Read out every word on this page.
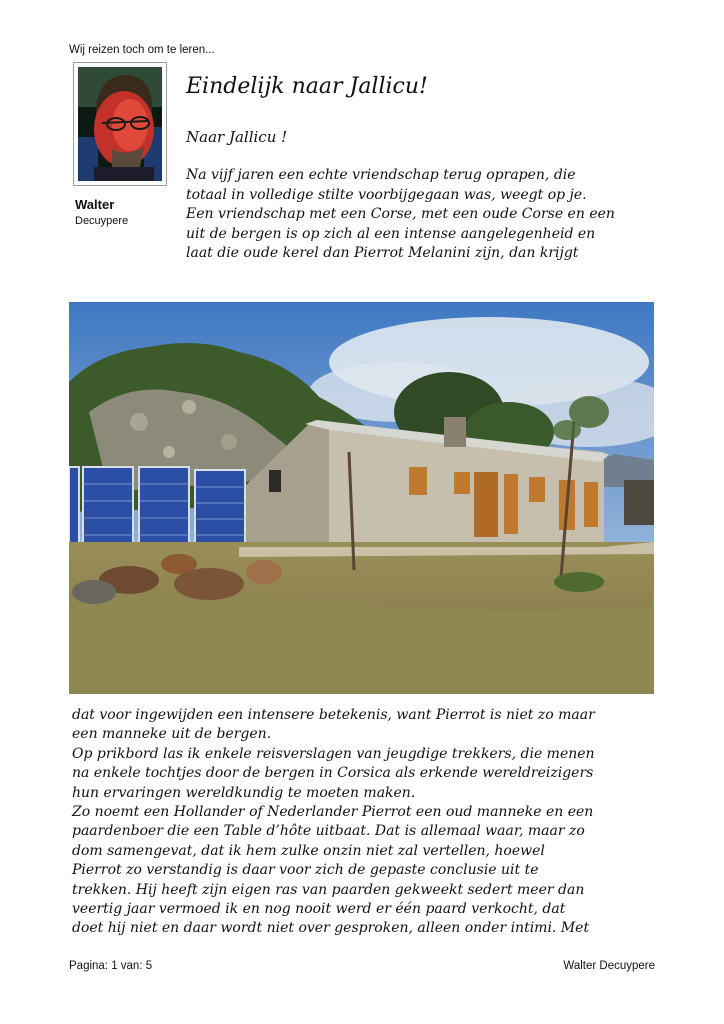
Wij reizen toch om te leren...
Walter
Decuypere
Eindelijk naar Jallicu!
Naar Jallicu !
Na vijf jaren een echte vriendschap terug oprapen, die
totaal in volledige stilte voorbijgegaan was, weegt op je.
Een vriendschap met een Corse, met een oude Corse en een
uit de bergen is op zich al een intense aangelegenheid en
laat die oude kerel dan Pierrot Melanini zijn, dan krijgt
dat voor ingewijden een intensere betekenis, want Pierrot is niet zo maar
een manneke uit de bergen.
Op prikbord las ik enkele reisverslagen van jeugdige trekkers, die menen
na enkele tochtjes door de bergen in Corsica als erkende wereldreizigers
hun ervaringen wereldkundig te moeten maken.
Zo noemt een Hollander of Nederlander Pierrot een oud manneke en een
paardenboer die een Table d’hôte uitbaat. Dat is allemaal waar, maar zo
dom samengevat, dat ik hem zulke onzin niet zal vertellen, hoewel
Pierrot zo verstandig is daar voor zich de gepaste conclusie uit te
trekken. Hij heeft zijn eigen ras van paarden gekweekt sedert meer dan
veertig jaar vermoed ik en nog nooit werd er één paard verkocht, dat
doet hij niet en daar wordt niet over gesproken, alleen onder intimi. Met
Pagina: 1 van: 5	Walter Decuypere
